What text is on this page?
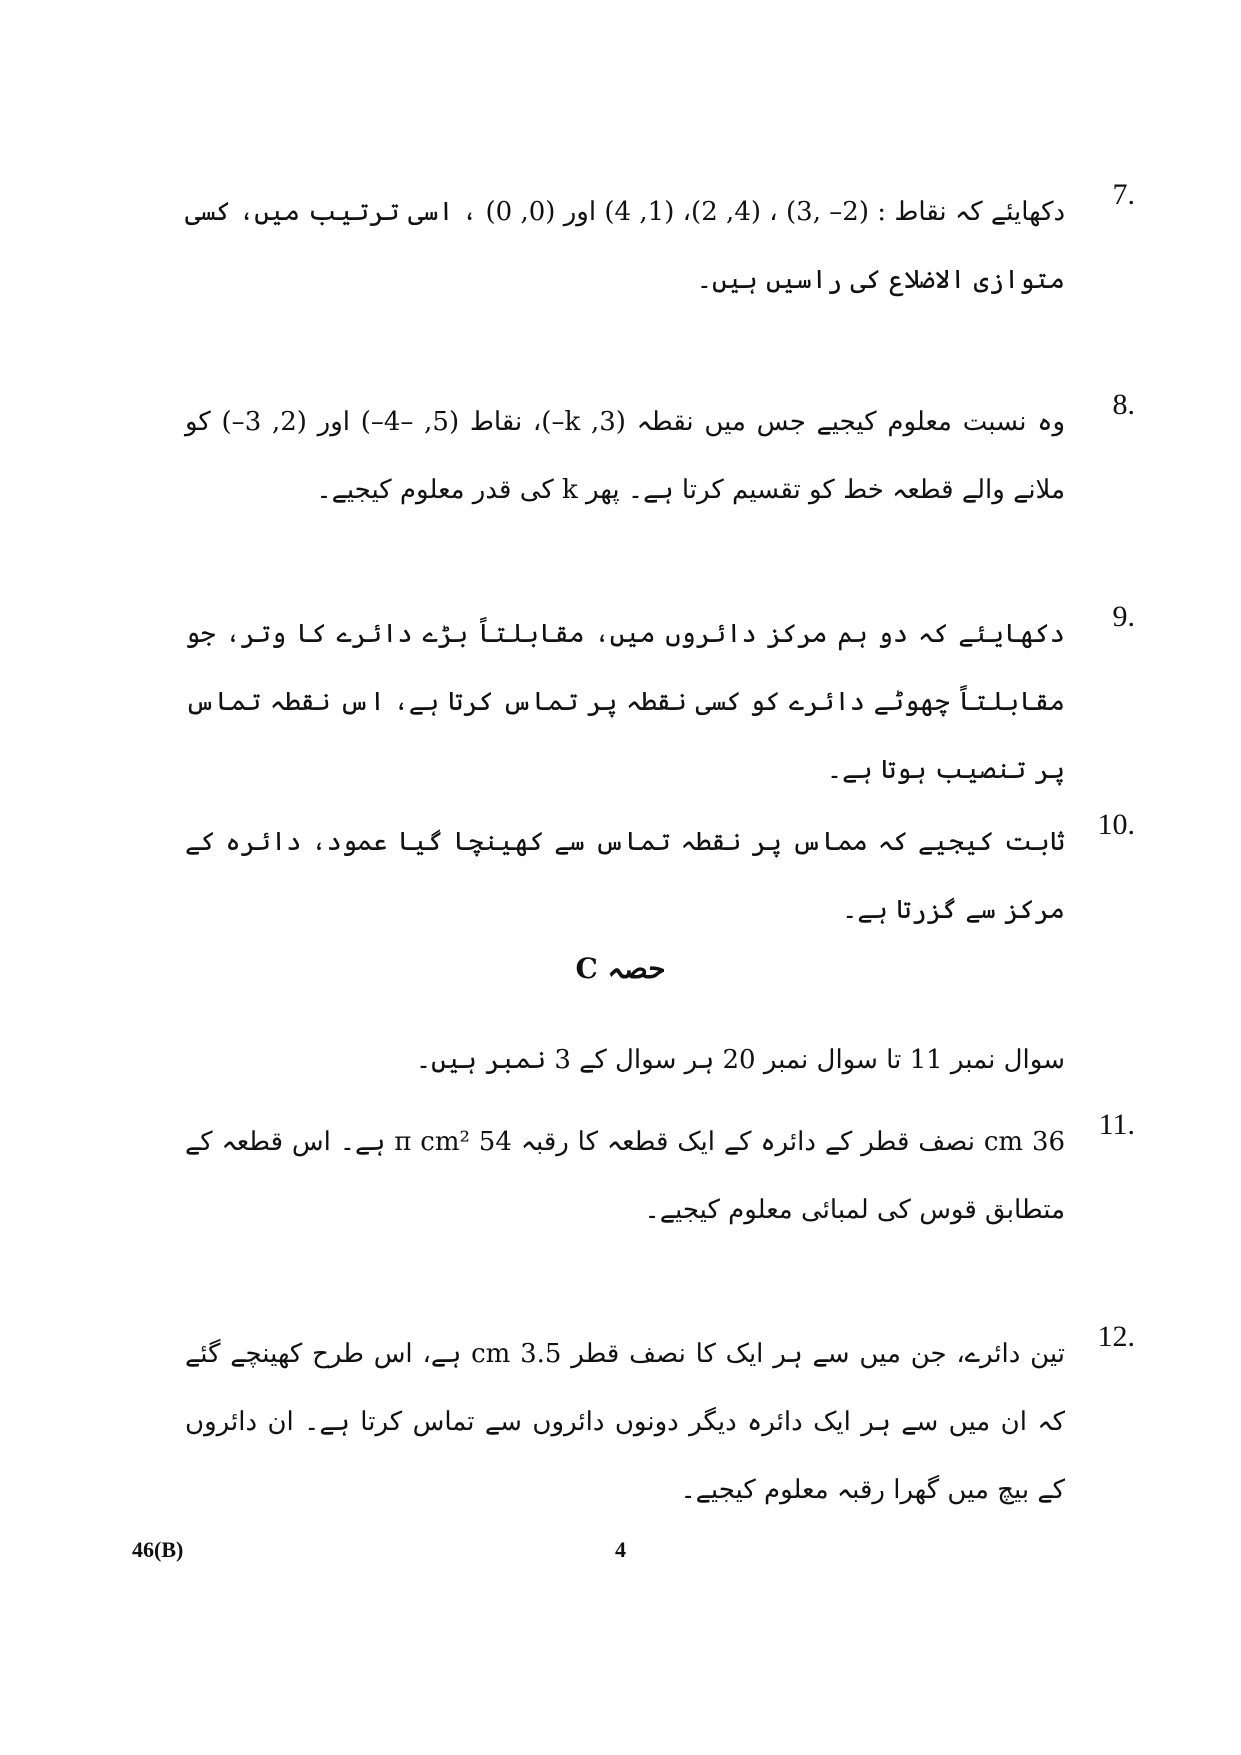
7.
دکھایئے کہ نقاط : (2– ,3) ، (4, 2)، (1, 4) اور (0, 0) ، اسی ترتیب میں، کسی متوازی الاضلاع کی راسیں ہیں۔
8.
وہ نسبت معلوم کیجیے جس میں نقطہ (3, k–)، نقاط (5, –4–) اور (2, 3–) کو ملانے والے قطعہ خط کو تقسیم کرتا ہے۔ پھر k کی قدر معلوم کیجیے۔
9.
دکھایئے کہ دو ہم مرکز دائروں میں، مقابلتاً بڑے دائرے کا وتر، جو مقابلتاً چھوٹے دائرے کو کسی نقطہ پر تماس کرتا ہے، اس نقطہ تماس پر تنصیب ہوتا ہے۔
10.
ثابت کیجیے کہ مماس پر نقطہ تماس سے کھینچا گیا عمود، دائرہ کے مرکز سے گزرتا ہے۔
حصہ C
سوال نمبر 11 تا سوال نمبر 20 ہر سوال کے 3 نمبر ہیں۔
11.
36 cm نصف قطر کے دائرہ کے ایک قطعہ کا رقبہ 54 π cm² ہے۔ اس قطعہ کے متطابق قوس کی لمبائی معلوم کیجیے۔
12.
تین دائرے، جن میں سے ہر ایک کا نصف قطر 3.5 cm ہے، اس طرح کھینچے گئے کہ ان میں سے ہر ایک دائرہ دیگر دونوں دائروں سے تماس کرتا ہے۔ ان دائروں کے بیچ میں گھرا رقبہ معلوم کیجیے۔
46(B)	4
